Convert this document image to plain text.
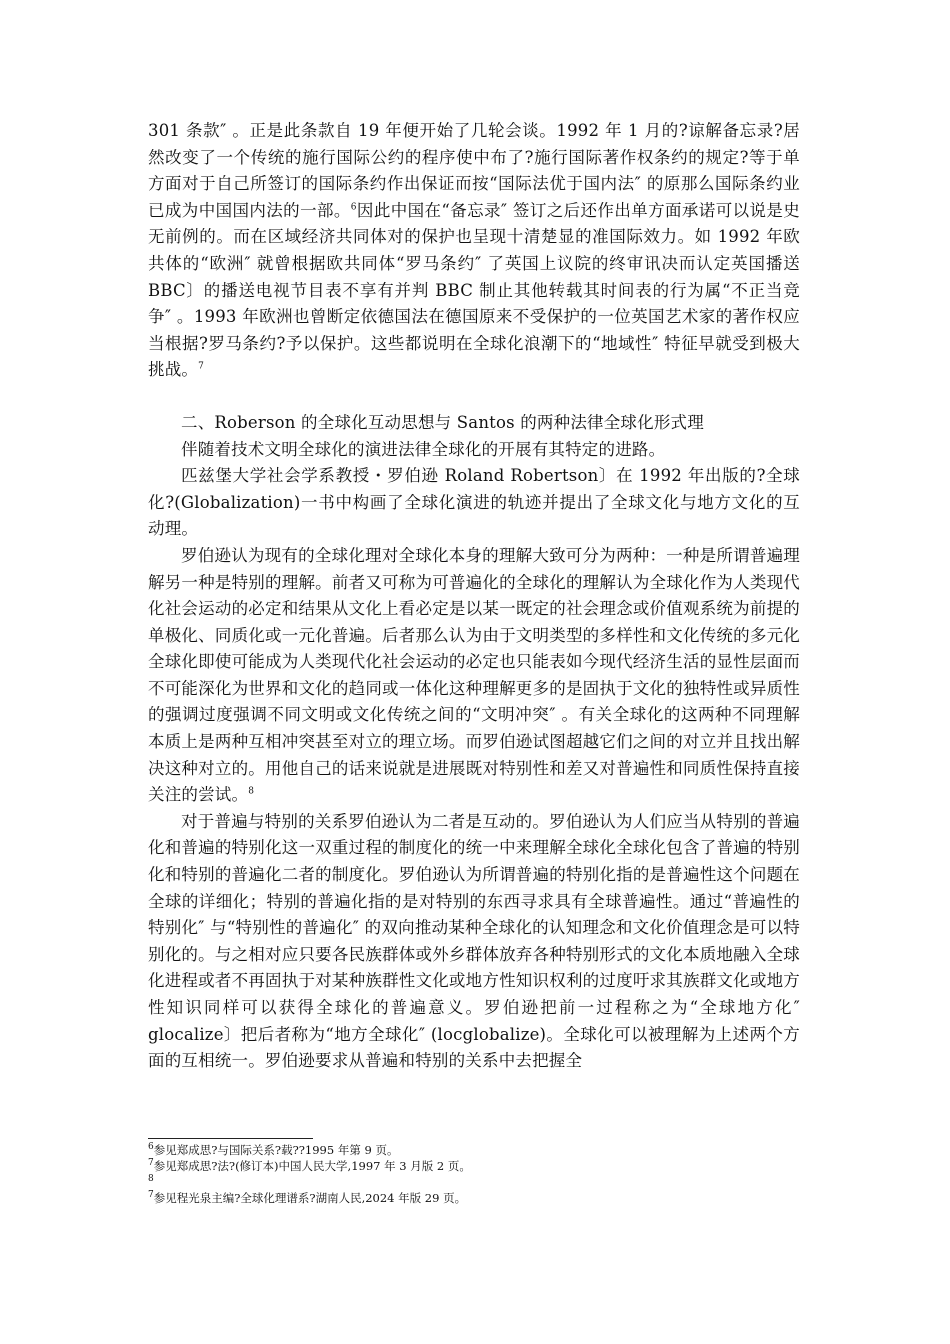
301 条款″ 。正是此条款自 19 年便开始了几轮会谈。1992 年 1 月的?谅解备忘录?居然改变了一个传统的施行国际公约的程序使中布了?施行国际著作权条约的规定?等于单方面对于自己所签订的国际条约作出保证而按“国际法优于国内法″ 的原那么国际条约业已成为中国国内法的一部。$^6$因此中国在“备忘录″ 签订之后还作出单方面承诺可以说是史无前例的。而在区域经济共同体对的保护也呈现十清楚显的准国际效力。如 1992 年欧共体的“欧洲″ 就曾根据欧共同体“罗马条约″ 了英国上议院的终审讯决而认定英国播送 BBC〕的播送电视节目表不享有并判 BBC 制止其他转载其时间表的行为属“不正当竞争″ 。1993 年欧洲也曾断定依德国法在德国原来不受保护的一位英国艺术家的著作权应当根据?罗马条约?予以保护。这些都说明在全球化浪潮下的“地域性″ 特征早就受到极大挑战。$^7$

二、Roberson 的全球化互动思想与 Santos 的两种法律全球化形式理

伴随着技术文明全球化的演进法律全球化的开展有其特定的进路。

匹兹堡大学社会学系教授・罗伯逊 Roland Robertson〕在 1992 年出版的?全球化?(Globalization)一书中构画了全球化演进的轨迹并提出了全球文化与地方文化的互动理。

罗伯逊认为现有的全球化理对全球化本身的理解大致可分为两种：一种是所谓普遍理解另一种是特别的理解。前者又可称为可普遍化的全球化的理解认为全球化作为人类现代化社会运动的必定和结果从文化上看必定是以某一既定的社会理念或价值观系统为前提的单极化、同质化或一元化普遍。后者那么认为由于文明类型的多样性和文化传统的多元化全球化即使可能成为人类现代化社会运动的必定也只能表如今现代经济生活的显性层面而不可能深化为世界和文化的趋同或一体化这种理解更多的是固执于文化的独特性或异质性的强调过度强调不同文明或文化传统之间的“文明冲突″ 。有关全球化的这两种不同理解本质上是两种互相冲突甚至对立的理立场。而罗伯逊试图超越它们之间的对立并且找出解决这种对立的。用他自己的话来说就是进展既对特别性和差又对普遍性和同质性保持直接关注的尝试。$^8$

对于普遍与特别的关系罗伯逊认为二者是互动的。罗伯逊认为人们应当从特别的普遍化和普遍的特别化这一双重过程的制度化的统一中来理解全球化全球化包含了普遍的特别化和特别的普遍化二者的制度化。罗伯逊认为所谓普遍的特别化指的是普遍性这个问题在全球的详细化；特别的普遍化指的是对特别的东西寻求具有全球普遍性。通过“普遍性的特别化″ 与“特别性的普遍化″ 的双向推动某种全球化的认知理念和文化价值理念是可以特别化的。与之相对应只要各民族群体或外乡群体放弃各种特别形式的文化本质地融入全球化进程或者不再固执于对某种族群性文化或地方性知识权利的过度吁求其族群文化或地方性知识同样可以获得全球化的普遍意义。罗伯逊把前一过程称之为“全球地方化″ glocalize〕把后者称为“地方全球化″ (locglobalize)。全球化可以被理解为上述两个方面的互相统一。罗伯逊要求从普遍和特别的关系中去把握全

$^6$参见郑成思?与国际关系?载??1995 年第 9 页。
$^7$参见郑成思?法?(修订本)中国人民大学,1997 年 3 月版 2 页。
$^8$
$^7$参见程光泉主编?全球化理谱系?湖南人民,2024 年版 29 页。
